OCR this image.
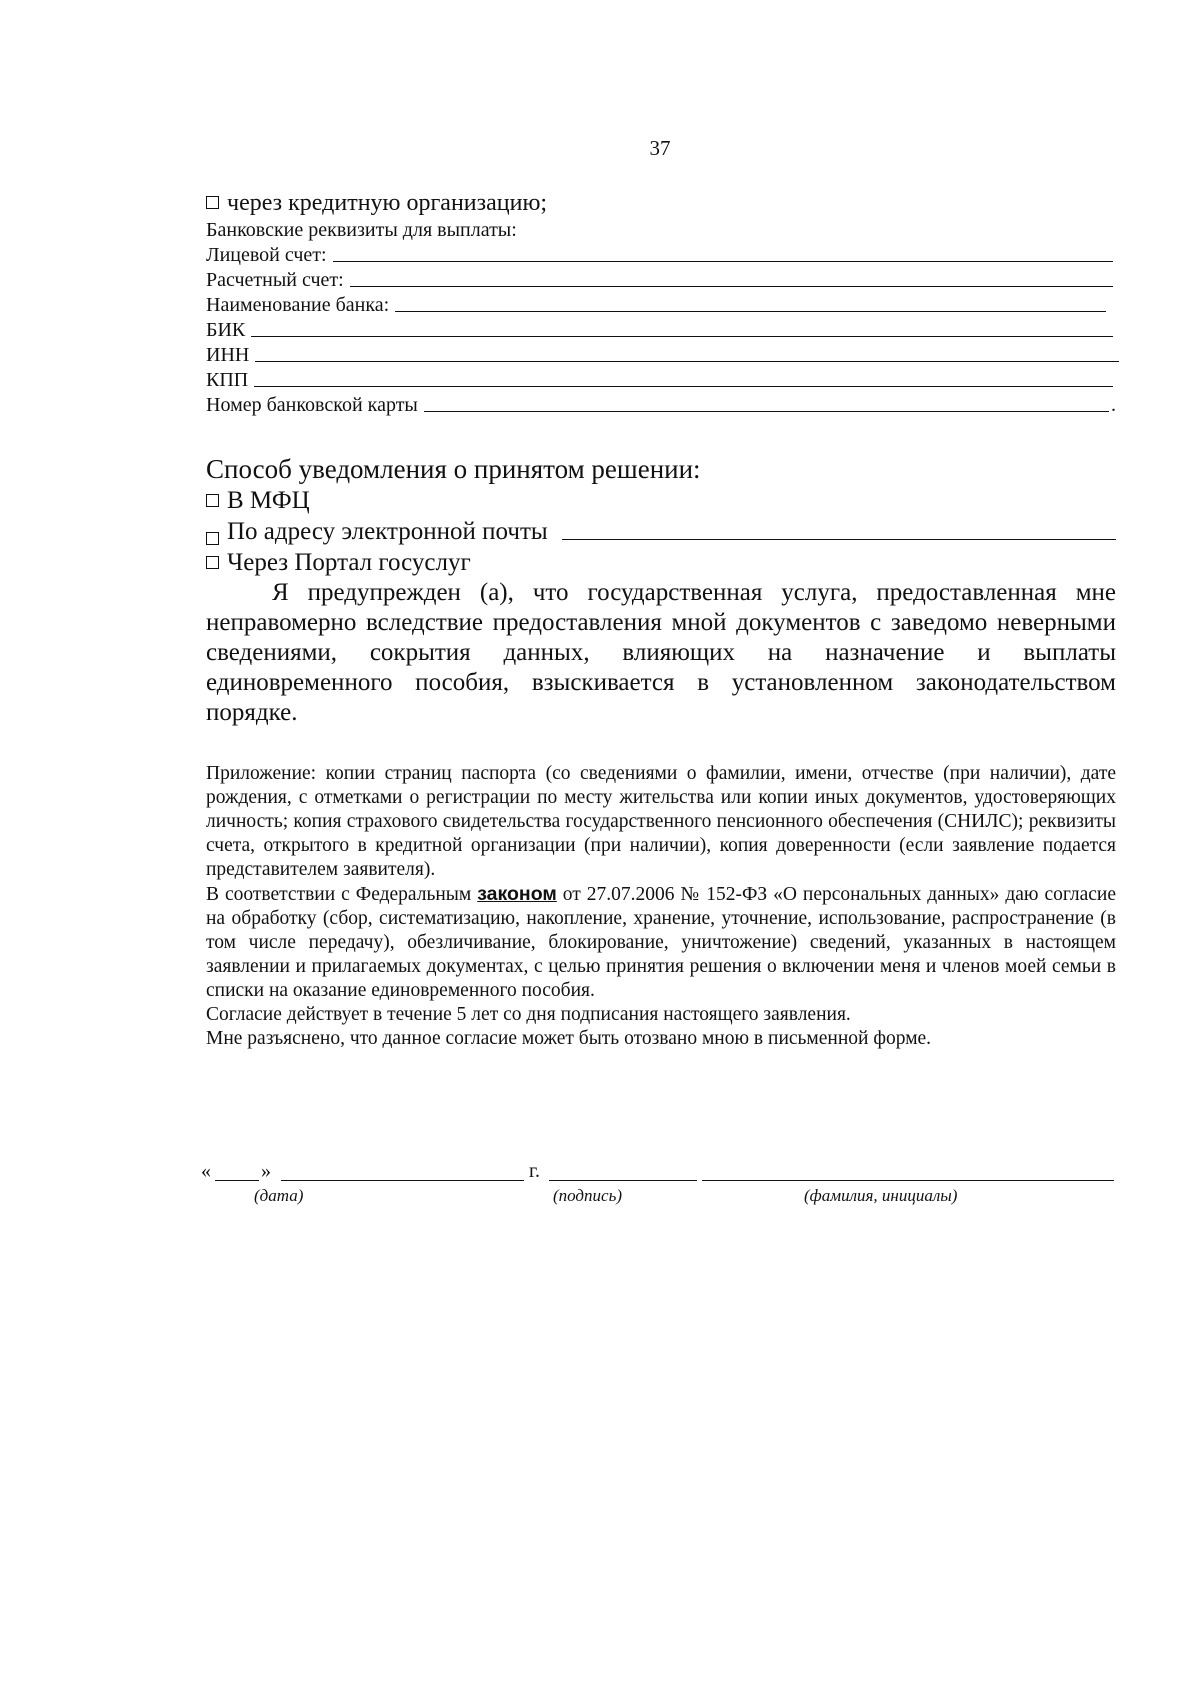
37
через кредитную организацию;
Банковские реквизиты для выплаты:
Лицевой счет:
Расчетный счет:
Наименование банка:
БИК
ИНН
КПП
Номер банковской карты	.
Способ уведомления о принятом решении:
В МФЦ
По адресу электронной почты
Через Портал госуслуг

Я предупрежден (а), что государственная услуга, предоставленная мне неправомерно вследствие предоставления мной документов с заведомо неверными сведениями, сокрытия данных, влияющих на назначение и выплаты единовременного пособия, взыскивается в установленном законодательством порядке.

Приложение: копии страниц паспорта (со сведениями о фамилии, имени, отчестве (при наличии), дате рождения, с отметками о регистрации по месту жительства или копии иных документов, удостоверяющих личность; копия страхового свидетельства государственного пенсионного обеспечения (СНИЛС); реквизиты счета, открытого в кредитной организации (при наличии), копия доверенности (если заявление подается представителем заявителя).

В соответствии с Федеральным законом от 27.07.2006 № 152-ФЗ «О персональных данных» даю согласие на обработку (сбор, систематизацию, накопление, хранение, уточнение, использование, распространение (в том числе передачу), обезличивание, блокирование, уничтожение) сведений, указанных в настоящем заявлении и прилагаемых документах, с целью принятия решения о включении меня и членов моей семьи в списки на оказание единовременного пособия.

Согласие действует в течение 5 лет со дня подписания настоящего заявления.

Мне разъяснено, что данное согласие может быть отозвано мною в письменной форме.

«	»	г.
(дата)	(подпись)	(фамилия, инициалы)
